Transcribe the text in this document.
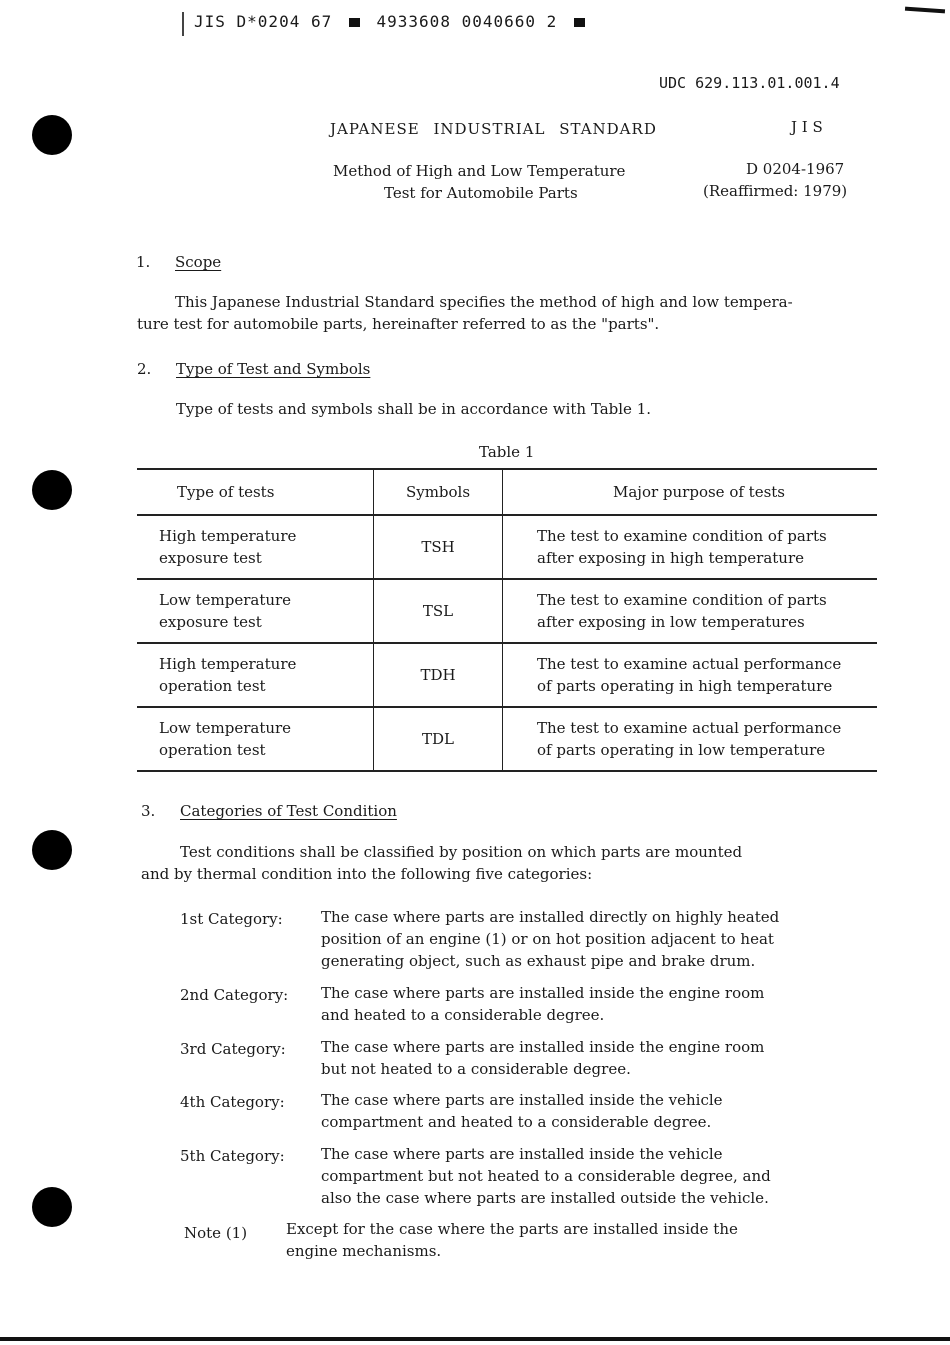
JIS D*0204 67	4933608 0040660 2
UDC 629.113.01.001.4
JAPANESE INDUSTRIAL STANDARD	J I S
Method of High and Low Temperature
Test for Automobile Parts
D 0204-1967
(Reaffirmed: 1979)
1. Scope
This Japanese Industrial Standard specifies the method of high and low tempera-
ture test for automobile parts, hereinafter referred to as the "parts".
2. Type of Test and Symbols
Type of tests and symbols shall be in accordance with Table 1.
Table 1
Type of tests	Symbols	Major purpose of tests

High temperature
exposure test	TSH	The test to examine condition of parts
after exposing in high temperature

Low temperature
exposure test	TSL	The test to examine condition of parts
after exposing in low temperatures

High temperature
operation test	TDH	The test to examine actual performance
of parts operating in high temperature

Low temperature
operation test	TDL	The test to examine actual performance
of parts operating in low temperature
3. Categories of Test Condition
Test conditions shall be classified by position on which parts are mounted
and by thermal condition into the following five categories:
1st Category:	The case where parts are installed directly on highly heated
position of an engine (1) or on hot position adjacent to heat
generating object, such as exhaust pipe and brake drum.
2nd Category: The case where parts are installed inside the engine room
and heated to a considerable degree.
3rd Category: The case where parts are installed inside the engine room
but not heated to a considerable degree.
4th Category: The case where parts are installed inside the vehicle
compartment and heated to a considerable degree.
5th Category: The case where parts are installed inside the vehicle
compartment but not heated to a considerable degree, and
also the case where parts are installed outside the vehicle.
Note (1)	Except for the case where the parts are installed inside the
engine mechanisms.
